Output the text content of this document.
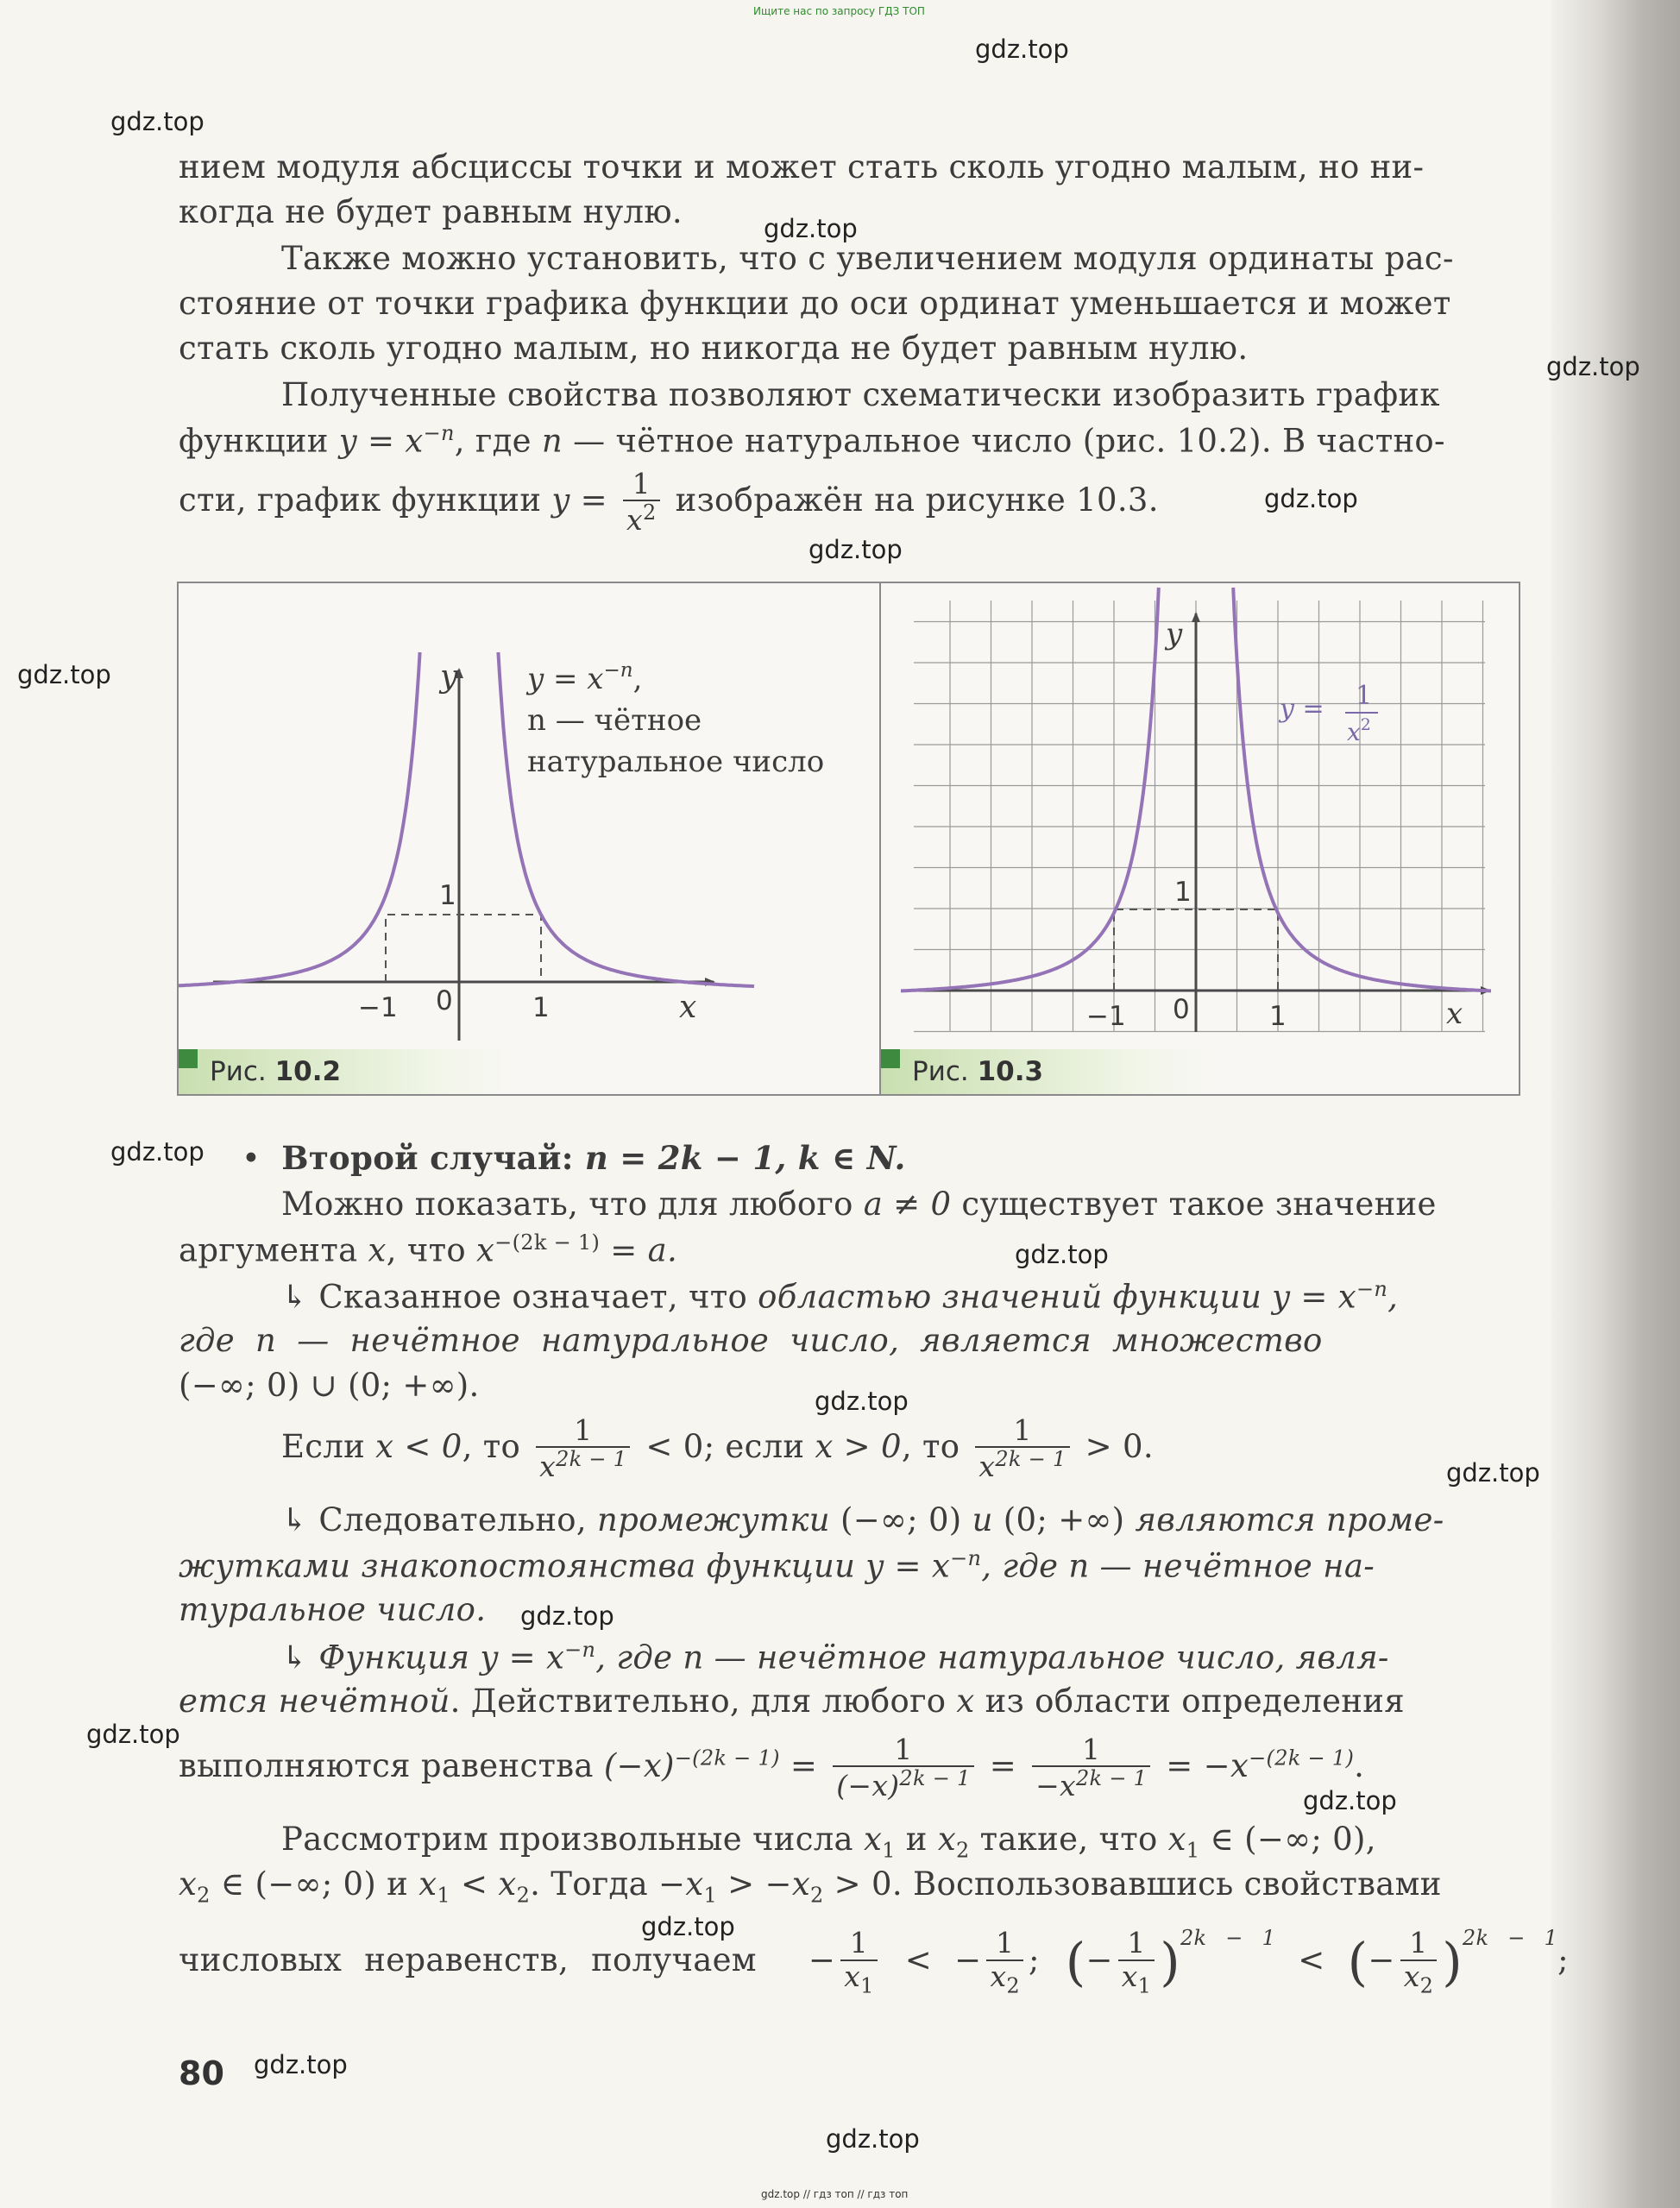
Ищите нас по запросу ГДЗ ТОП
gdz.top // гдз топ // гдз топ
gdz.top
gdz.top
gdz.top
gdz.top
gdz.top
gdz.top
gdz.top
gdz.top
gdz.top
gdz.top
gdz.top
gdz.top
gdz.top
gdz.top
gdz.top
gdz.top
gdz.top
нием модуля абсциссы точки и может стать сколь угодно малым, но ни-
когда не будет равным нулю.
Также можно установить, что с увеличением модуля ординаты рас-
стояние от точки графика функции до оси ординат уменьшается и может
стать сколь угодно малым, но никогда не будет равным нулю.
Полученные свойства позволяют схематически изобразить график
функции $y = x^{-n}$, где n — чётное натуральное число (рис. 10.2). В частно-
сти, график функции $y = \frac{1}{x^2}$ изображён на рисунке 10.3.
y
x
−1 0	1
1
$y = x^{-n}$,
n — чётное
натуральное число
y
x
−1 0	1
1
y = 1
$x^2$
Рис. 10.2	Рис. 10.3
• Второй случай: n = 2k − 1, k ∈ N.
Можно показать, что для любого a ≠ 0 существует такое значение
аргумента x, что $x^{-(2k - 1)} = a$.
↳ Сказанное означает, что областью значений функции $y = x^{-n}$,
где n — нечётное натуральное число, является множество
(−∞; 0) ∪ (0; +∞).
Если x < 0, то $\frac{1}{x^{2k - 1}} < 0$; если x > 0, то $\frac{1}{x^{2k - 1}} > 0$.
↳ Следовательно, промежутки (−∞; 0) и (0; +∞) являются проме-
жутками знакопостоянства функции $y = x^{-n}$, где n — нечётное на-
туральное число.
↳ Функция $y = x^{-n}$, где n — нечётное натуральное число, явля-
ется нечётной. Действительно, для любого x из области определения
выполняются равенства $(-x)^{-(2k - 1)} = \frac{1}{(-x)^{2k - 1}} = \frac{1}{-x^{2k - 1}} = -x^{-(2k - 1)}$.
Рассмотрим произвольные числа $x_1$ и $x_2$ такие, что $x_1$ ∈ (−∞; 0),
$x_2$ ∈ (−∞; 0) и $x_1 < x_2$. Тогда $-x_1 > -x_2 > 0$. Воспользовавшись свойствами
числовых неравенств, получаем − $\frac{1}{x_1}$ < − $\frac{1}{x_2}$ ; (− $\frac{1}{x_1} )^{2k - 1}$ < (− $\frac{1}{x_2} )^{2k - 1}$;
80
